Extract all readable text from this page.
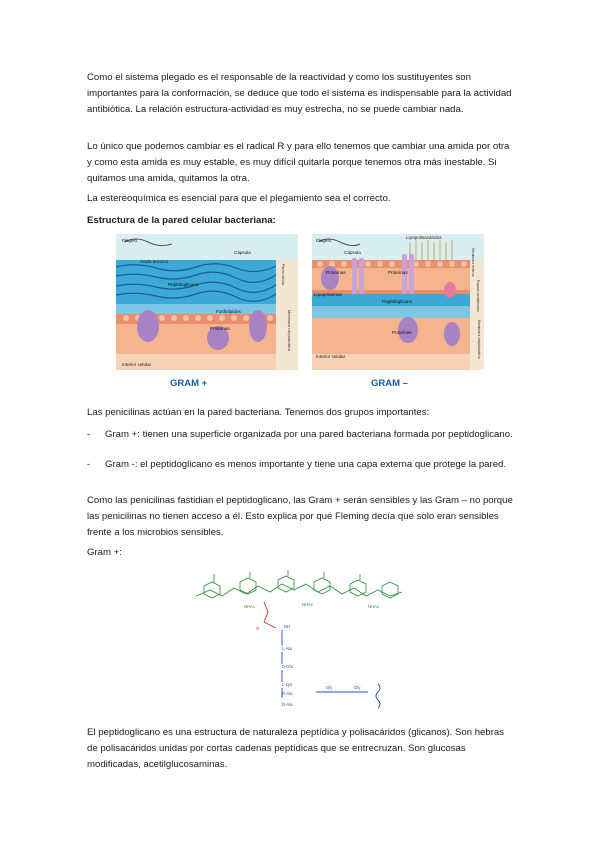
Como el sistema plegado es el responsable de la reactividad y como los sustituyentes son importantes para la conformación, se deduce que todo el sistema es indispensable para la actividad antibiótica. La relación estructura-actividad es muy estrecha, no se puede cambiar nada.

Lo único que podemos cambiar es el radical R y para ello tenemos que cambiar una amida por otra y como esta amida es muy estable, es muy difícil quitarla porque tenemos otra más inestable. Si quitamos una amida, quitamos la otra.

La estereoquímica es esencial para que el plegamiento sea el correcto.

Estructura de la pared celular bacteriana:

Flagelo
Ácido teicoico
Cápsula
Peptidoglicano
Fosfolípidos
Proteínas
Interior celular
Pared celular
Membrana citoplasmática
GRAM +
Flagelo
Lipopolisacáridos
Cápsula
Proteínas	Proteínas
Lipoproteínas
Peptidoglicano
Proteínas
Interior celular
Membrana externa
Espacio periplásmico
Membrana citoplasmática
GRAM –

Las penicilinas actúan en la pared bacteriana. Tenemos dos grupos importantes:

- Gram +: tienen una superficie organizada por una pared bacteriana formada por peptidoglicano.
- Gram -: el peptidoglicano es menos importante y tiene una capa externa que protege la pared.

Como las penicilinas fastidian el peptidoglicano, las Gram + serán sensibles y las Gram – no porque las penicilinas no tienen acceso a él. Esto explica por qué Fleming decía que solo eran sensibles frente a los microbios sensibles.

Gram +:

NHAc	NHAc	NHAc
O	NH
L-Ala
D-Glu
L-Lys
D-Ala
D-Ala
Gly	Gly

El peptidoglicano es una estructura de naturaleza peptídica y polisacáridos (glicanos). Son hebras de polisacáridos unidas por cortas cadenas peptídicas que se entrecruzan. Son glucosas modificadas, acetilglucosaminas.
